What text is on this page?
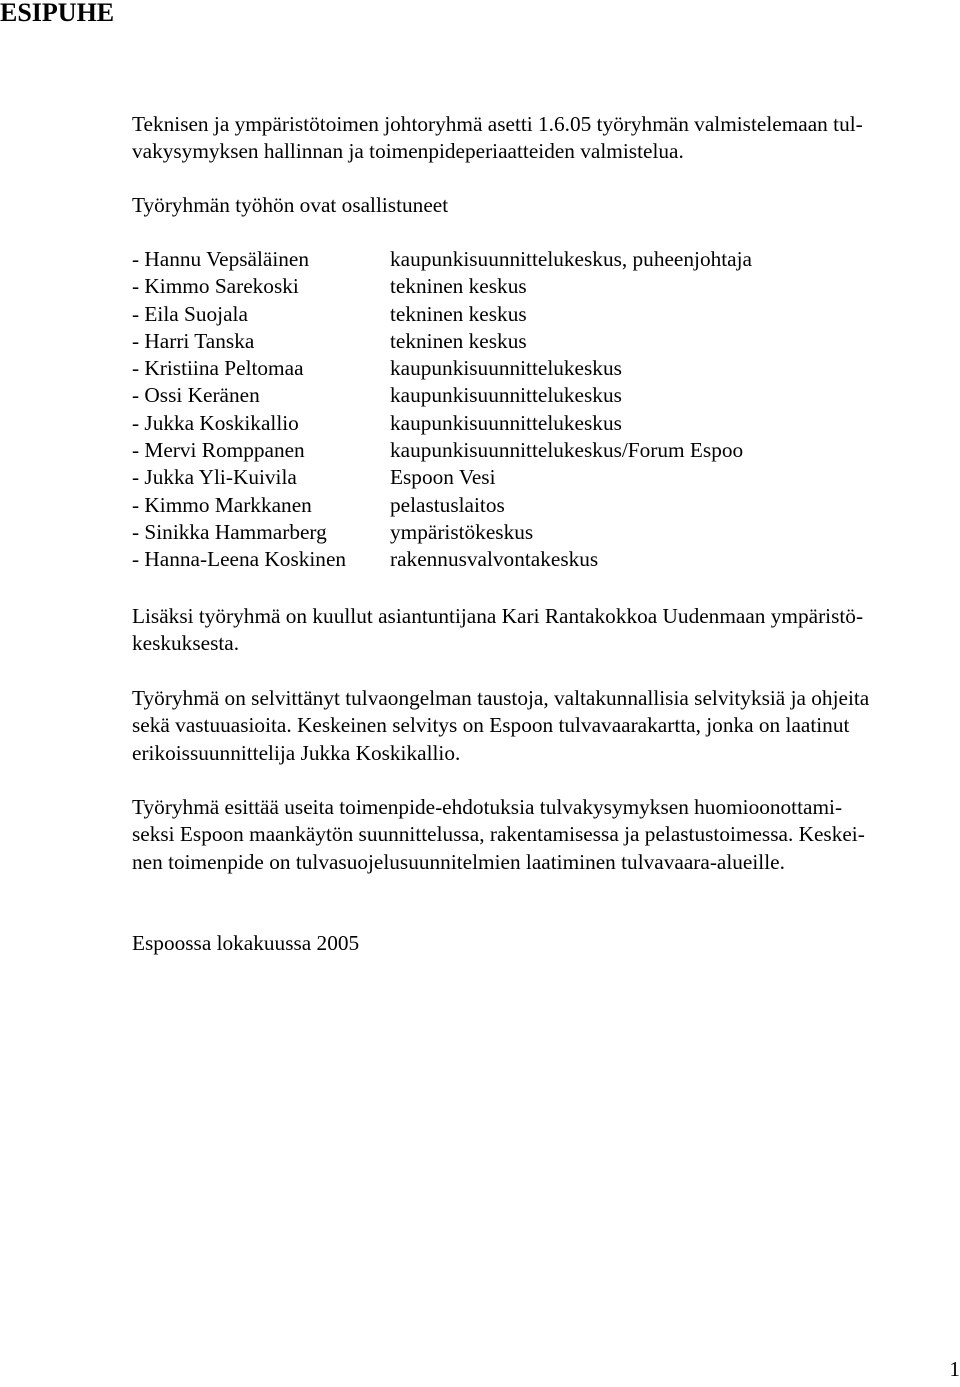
ESIPUHE

Teknisen ja ympäristötoimen johtoryhmä asetti 1.6.05 työryhmän valmistelemaan tul-
vakysymyksen hallinnan ja toimenpideperiaatteiden valmistelua.

Työryhmän työhön ovat osallistuneet

- Hannu Vepsäläinen	kaupunkisuunnittelukeskus, puheenjohtaja
- Kimmo Sarekoski	tekninen keskus
- Eila Suojala	tekninen keskus
- Harri Tanska	tekninen keskus
- Kristiina Peltomaa	kaupunkisuunnittelukeskus
- Ossi Keränen	kaupunkisuunnittelukeskus
- Jukka Koskikallio	kaupunkisuunnittelukeskus
- Mervi Romppanen	kaupunkisuunnittelukeskus/Forum Espoo
- Jukka Yli-Kuivila	Espoon Vesi
- Kimmo Markkanen	pelastuslaitos
- Sinikka Hammarberg	ympäristökeskus
- Hanna-Leena Koskinen rakennusvalvontakeskus

Lisäksi työryhmä on kuullut asiantuntijana Kari Rantakokkoa Uudenmaan ympäristö-
keskuksesta.

Työryhmä on selvittänyt tulvaongelman taustoja, valtakunnallisia selvityksiä ja ohjeita
sekä vastuuasioita. Keskeinen selvitys on Espoon tulvavaarakartta, jonka on laatinut
erikoissuunnittelija Jukka Koskikallio.

Työryhmä esittää useita toimenpide-ehdotuksia tulvakysymyksen huomioonottami-
seksi Espoon maankäytön suunnittelussa, rakentamisessa ja pelastustoimessa. Keskei-
nen toimenpide on tulvasuojelusuunnitelmien laatiminen tulvavaara-alueille.

Espoossa lokakuussa 2005

1
